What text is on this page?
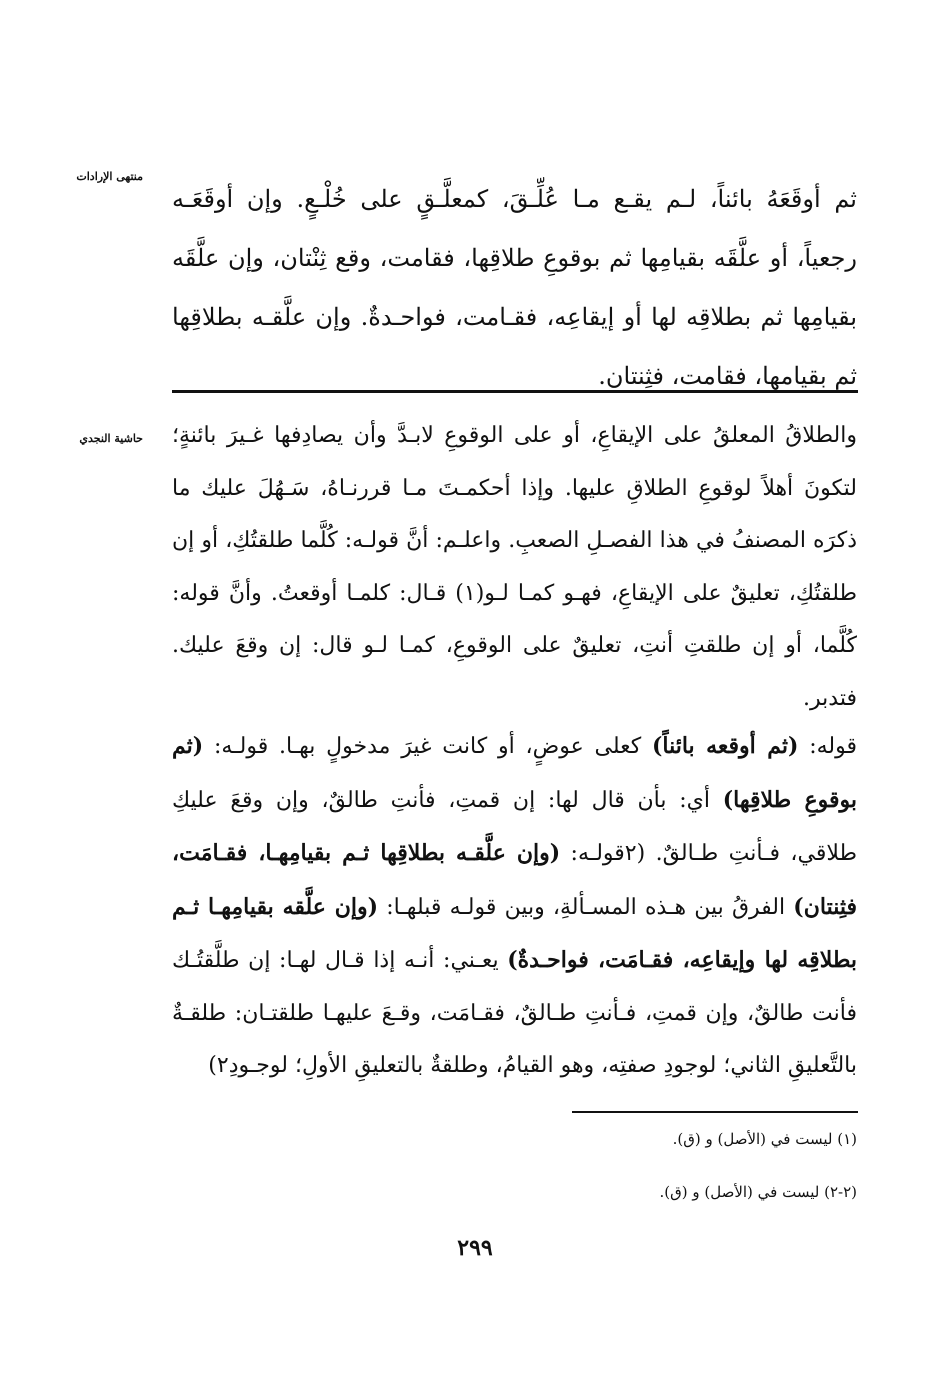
منتهى الإرادات
ثم أوقَعَهُ بائناً، لـم يقـع مـا عُلِّـقَ، كمعلَّـقٍ على خُلْـعٍ. وإن أوقَعَـه رجعياً، أو علَّقَه بقيامِها ثم بوقوعِ طلاقِها، فقامت، وقع ثِنْتان، وإن علَّقَه بقيامِها ثم بطلاقِه لها أو إيقاعِه، فقـامت، فواحـدةٌ. وإن علَّقـه بطلاقِها ثم بقيامها، فقامت، فثِنتانِ.
حاشية النجدي والطلاقُ المعلقُ على الإيقاعِ، أو على الوقوعِ لابـدَّ وأن يصادِفها غـيرَ بائنةٍ؛ لتكونَ أهلاً لوقوعِ الطلاقِ عليها. وإذا أحكمـتَ مـا قررنـاهُ، سَـهُلَ عليك ما ذكرَه المصنفُ في هذا الفصـلِ الصعبِ. واعلـم: أنَّ قولـه: كُلَّما طلقتُكِ، أو إن طلقتُكِ، تعليقٌ على الإيقاعِ، فهـو كمـا لـو(١) قـال: كلمـا أوقعتُ. وأنَّ قوله: كُلَّما، أو إن طلقتِ أنتِ، تعليقٌ على الوقوعِ، كمـا لـو قال: إن وقعَ عليك. فتدبر.
قوله: (ثم أوقعه بائناً) كعلى عوضٍ، أو كانت غيرَ مدخولٍ بهـا. قولـه: (ثم بوقوعِ طلاقِها) أي: بأن قال لها: إن قمتِ، فأنتِ طالقٌ، وإن وقعَ عليكِ طلاقي، فـأنتِ طـالقٌ. (٢قولـه: (وإن علَّقـه بطلاقِها ثـم بقيامِهـا، فقـامَت، فثِنتان) الفرقُ بين هـذه المسـألةِ، وبين قولـه قبلهـا: (وإن علَّقه بقيامِهـا ثـم بطلاقِه لها وإيقاعِه، فقـامَت، فواحـدةٌ) يعـني: أنـه إذا قـال لهـا: إن طلَّقتُـك فأنت طالقٌ، وإن قمتِ، فـأنتِ طـالقٌ، فقـامَت، وقـعَ عليهـا طلقتـان: طلقـةٌ بالتَّعليقِ الثاني؛ لوجودِ صفتِه، وهو القيامُ، وطلقةٌ بالتعليقِ الأولِ؛ لوجـودِ٢)
(١) ليست في (الأصل) و (ق).
(٢-٢) ليست في (الأصل) و (ق).
٢٩٩
